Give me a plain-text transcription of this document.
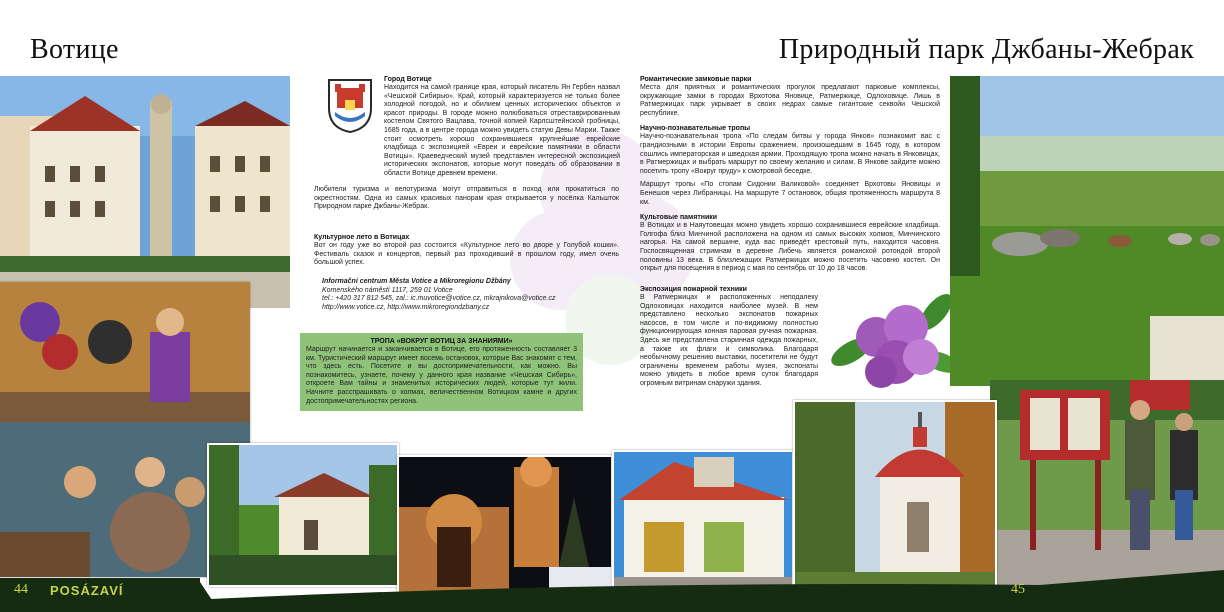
Вотице	Природный парк Джбаны-Жебрак

Город Вотице

Находится на самой границе края, который писатель Ян Гербен назвал «Чешской Сибирью». Край, который характеризуется не только более холодной погодой, но и обилием ценных исторических объектов и красот природы. В городе можно полюбоваться отреставрированным костелом Святого Вацлава, точной копией Карлсштейнской гробницы, 1685 года, а в центре города можно увидеть статую Девы Марии. Также стоит осмотреть хорошо сохранившиеся крупнейшие еврейские кладбища с экспозицией «Евреи и еврейские памятники в области Вотицы». Краеведческий музей представлен интересной экспозицией исторических экспонатов, которые могут поведать об образовании в области Вотице древнем времени.

Любители туризма и велотуризма могут отправиться в поход или прокатиться по окрестностям. Одна из самых красивых панорам края открывается у посёлка Кальшток Природном парке Джбаны-Жебрак.

Культурное лето в Вотицах

Вот он году уже во второй раз состоится «Культурное лето во дворе у Голубой кошки». Фестиваль сказок и концертов, первый раз проходивший в прошлом году, имел очень большой успех.

Informační centrum Města Votice a Mikroregionu Džbány

Komenského náměstí 1117, 259 01 Votice

tel.: +420 317 812 545, zal.: ic.muvotice@votice.cz, mkrajnikova@votice.cz

http://www.votice.cz, http://www.mikroregiondzbany.cz

ТРОПА «ВОКРУГ ВОТИЦ ЗА ЗНАНИЯМИ»

Маршрут начинается и заканчивается в Вотице, его протяженность составляет 3 км. Туристический маршрут имеет восемь остановок, которые Вас знакомят с тем, что здесь есть. Посетите и вы достопримечательности, как можно. Вы познакомитесь, узнаете, почему у данного края название «Чешская Сибирь», откроете Вам тайны и знаменитых исторических людей, которые тут жили. Начните расспрашивать о холмах, величественном Вотицком камне и других достопримечательностях региона.

Романтические замковые парки

Места для приятных и романтических прогулок предлагают парковые комплексы, окружающие замки в городах Врхотова Яновице, Ратмержице, Одлоховице. Лишь в Ратмержицах парк укрывает в своих недрах самые гигантские секвойи Чешской республике.

Научно-познавательные тропы

Научно-познавательная тропа «По следам битвы у города Янков» познакомит вас с грандиозными в истории Европы сражением, произошедшим в 1645 году, в котором сошлись императорская и шведская армии. Проходящую тропа можно начать в Янковицах, в Ратмержицах и выбрать маршрут по своему желанию и силам. В Янкове зайдите можно посетить тропу «Вокруг пруду» к смотровой беседке.

Маршрут тропы «По стопам Сидонии Валиковой» соединяет Врхотовы Яновицы и Бенешов через Либраницы. На маршруте 7 остановок, общая протяженность маршрута 8 км.

Культовые памятники

В Вотицах и в Наяутовещах можно увидеть хорошо сохранившиеся еврейские кладбища. Голгофа близ Минчиной расположена на одном из самых высоких холмов, Минчинского нагорья. На самой вершине, куда вас приведёт крестовый путь, находится часовня. Госпосвященная стримнам в деревне Либечь является романской ротондой второй половины 13 века. В близлежащих Ратмержицах можно посетить часовню костел. Он открыт для посещения в период с мая по сентябрь от 10 до 18 часов.

Экспозиция пожарной техники

В Ратмержицах и расположенных неподалеку Одлоховицах находится наиболее музей. В нем представлено несколько экспонатов пожарных насосов, в том числе и по-видимому полностью функционирующая конная паровая ручная пожарная. Здесь же представлена старинная одежда пожарных, а также их флаги и символика. Благодаря необычному решению выставки, посетители не будут ограничены временем работы музея, экспонаты можно увидеть в любое время суток благодаря огромным витринам снаружи здания.

44 POSÁZAVÍ	45
